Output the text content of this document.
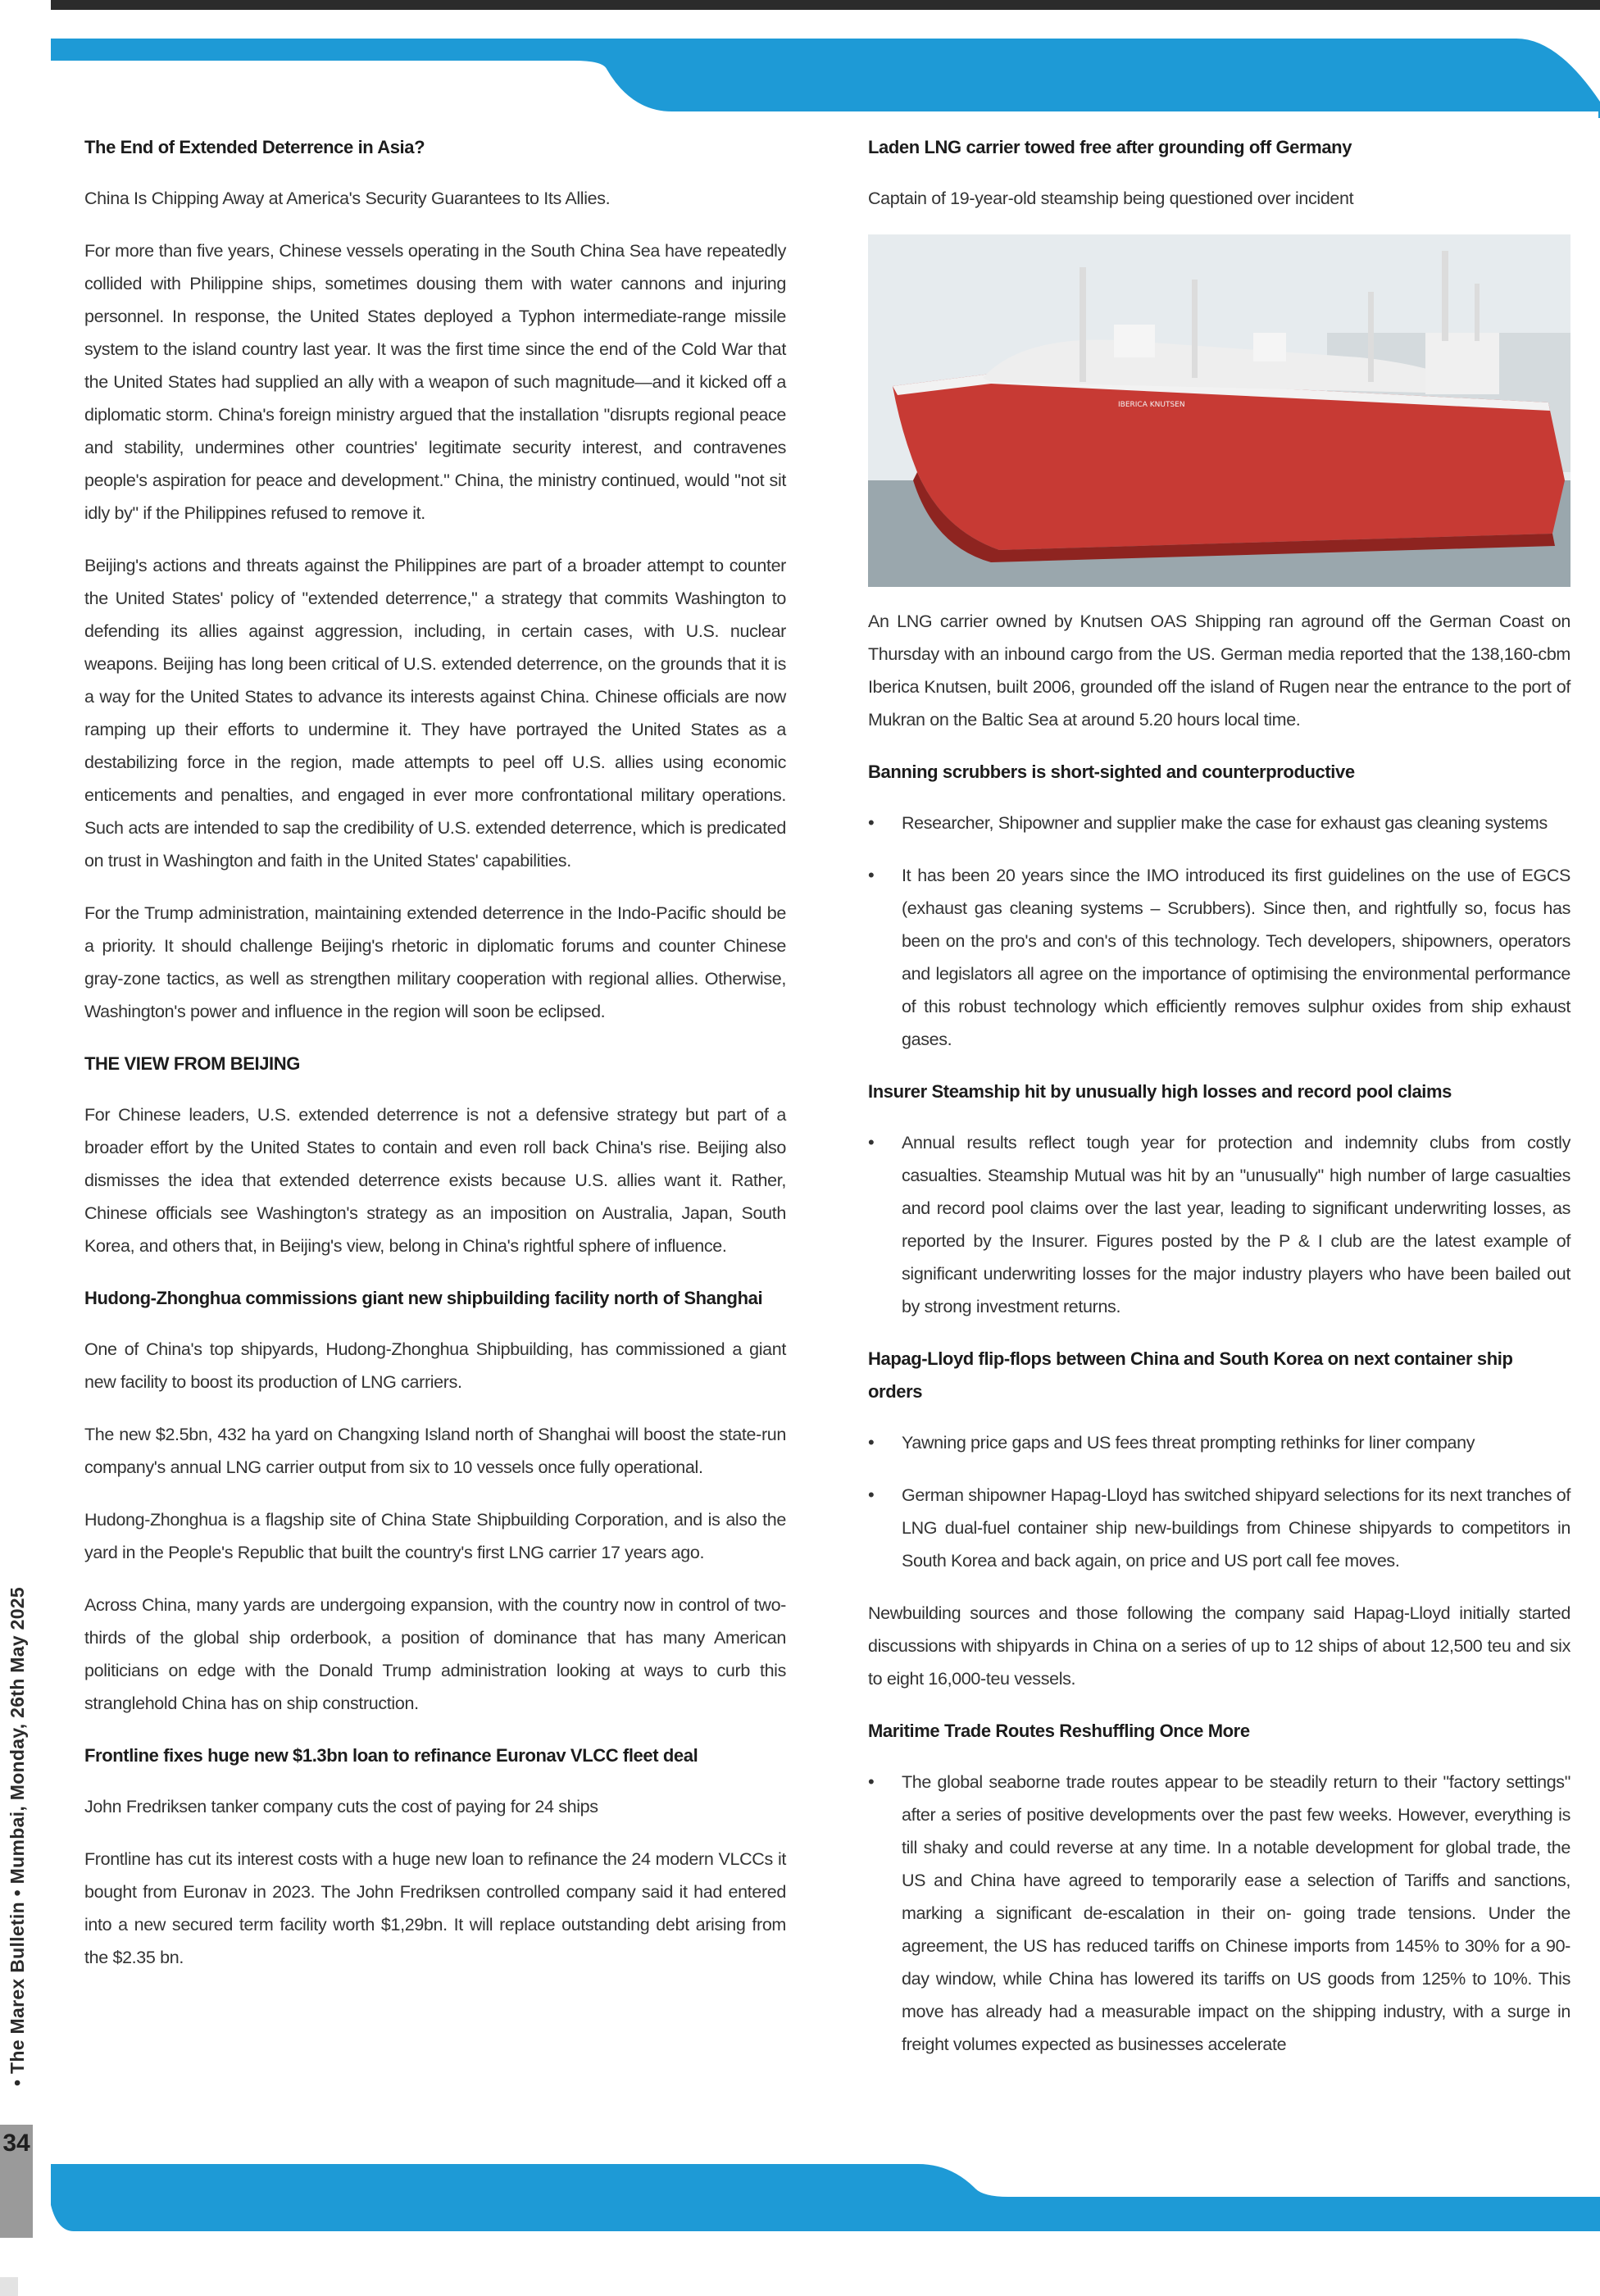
• The Marex Bulletin • Mumbai, Monday, 26th May 2025
34
The End of Extended Deterrence in Asia?
China Is Chipping Away at America's Security Guarantees to Its Allies.

For more than five years, Chinese vessels operating in the South China Sea have repeatedly collided with Philippine ships, sometimes dousing them with water cannons and injuring personnel. In response, the United States deployed a Typhon intermediate-range missile system to the island country last year. It was the first time since the end of the Cold War that the United States had supplied an ally with a weapon of such magnitude—and it kicked off a diplomatic storm. China's foreign ministry argued that the installation "disrupts regional peace and stability, undermines other countries' legitimate security interest, and contravenes people's aspiration for peace and development." China, the ministry continued, would "not sit idly by" if the Philippines refused to remove it.

Beijing's actions and threats against the Philippines are part of a broader attempt to counter the United States' policy of "extended deterrence," a strategy that commits Washington to defending its allies against aggression, including, in certain cases, with U.S. nuclear weapons. Beijing has long been critical of U.S. extended deterrence, on the grounds that it is a way for the United States to advance its interests against China. Chinese officials are now ramping up their efforts to undermine it. They have portrayed the United States as a destabilizing force in the region, made attempts to peel off U.S. allies using economic enticements and penalties, and engaged in ever more confrontational military operations. Such acts are intended to sap the credibility of U.S. extended deterrence, which is predicated on trust in Washington and faith in the United States' capabilities.

For the Trump administration, maintaining extended deterrence in the Indo-Pacific should be a priority. It should challenge Beijing's rhetoric in diplomatic forums and counter Chinese gray-zone tactics, as well as strengthen military cooperation with regional allies. Otherwise, Washington's power and influence in the region will soon be eclipsed.

THE VIEW FROM BEIJING

For Chinese leaders, U.S. extended deterrence is not a defensive strategy but part of a broader effort by the United States to contain and even roll back China's rise. Beijing also dismisses the idea that extended deterrence exists because U.S. allies want it. Rather, Chinese officials see Washington's strategy as an imposition on Australia, Japan, South Korea, and others that, in Beijing's view, belong in China's rightful sphere of influence.

Hudong-Zhonghua commissions giant new shipbuilding facility north of Shanghai

One of China's top shipyards, Hudong-Zhonghua Shipbuilding, has commissioned a giant new facility to boost its production of LNG carriers.

The new $2.5bn, 432 ha yard on Changxing Island north of Shanghai will boost the state-run company's annual LNG carrier output from six to 10 vessels once fully operational.

Hudong-Zhonghua is a flagship site of China State Shipbuilding Corporation, and is also the yard in the People's Republic that built the country's first LNG carrier 17 years ago.

Across China, many yards are undergoing expansion, with the country now in control of two-thirds of the global ship orderbook, a position of dominance that has many American politicians on edge with the Donald Trump administration looking at ways to curb this stranglehold China has on ship construction.

Frontline fixes huge new $1.3bn loan to refinance Euronav VLCC fleet deal
John Fredriksen tanker company cuts the cost of paying for 24 ships

Frontline has cut its interest costs with a huge new loan to refinance the 24 modern VLCCs it bought from Euronav in 2023. The John Fredriksen controlled company said it had entered into a new secured term facility worth $1,29bn. It will replace outstanding debt arising from the $2.35 bn.

Laden LNG carrier towed free after grounding off Germany
Captain of 19-year-old steamship being questioned over incident
IBERICA KNUTSEN

An LNG carrier owned by Knutsen OAS Shipping ran aground off the German Coast on Thursday with an inbound cargo from the US. German media reported that the 138,160-cbm Iberica Knutsen, built 2006, grounded off the island of Rugen near the entrance to the port of Mukran on the Baltic Sea at around 5.20 hours local time.

Banning scrubbers is short-sighted and counterproductive
•	Researcher, Shipowner and supplier make the case for exhaust gas cleaning systems
•	It has been 20 years since the IMO introduced its first guidelines on the use of EGCS (exhaust gas cleaning systems – Scrubbers). Since then, and rightfully so, focus has been on the pro's and con's of this technology. Tech developers, shipowners, operators and legislators all agree on the importance of optimising the environmental performance of this robust technology which efficiently removes sulphur oxides from ship exhaust gases.
Insurer Steamship hit by unusually high losses and record pool claims
•	Annual results reflect tough year for protection and indemnity clubs from costly casualties. Steamship Mutual was hit by an "unusually" high number of large casualties and record pool claims over the last year, leading to significant underwriting losses, as reported by the Insurer. Figures posted by the P & I club are the latest example of significant underwriting losses for the major industry players who have been bailed out by strong investment returns.
Hapag-Lloyd flip-flops between China and South Korea on next container ship orders
•	Yawning price gaps and US fees threat prompting rethinks for liner company
•	German shipowner Hapag-Lloyd has switched shipyard selections for its next tranches of LNG dual-fuel container ship new-buildings from Chinese shipyards to competitors in South Korea and back again, on price and US port call fee moves.

Newbuilding sources and those following the company said Hapag-Lloyd initially started discussions with shipyards in China on a series of up to 12 ships of about 12,500 teu and six to eight 16,000-teu vessels.

Maritime Trade Routes Reshuffling Once More
•	The global seaborne trade routes appear to be steadily return to their "factory settings" after a series of positive developments over the past few weeks. However, everything is till shaky and could reverse at any time. In a notable development for global trade, the US and China have agreed to temporarily ease a selection of Tariffs and sanctions, marking a significant de-escalation in their on- going trade tensions. Under the agreement, the US has reduced tariffs on Chinese imports from 145% to 30% for a 90-day window, while China has lowered its tariffs on US goods from 125% to 10%. This move has already had a measurable impact on the shipping industry, with a surge in freight volumes expected as businesses accelerate
